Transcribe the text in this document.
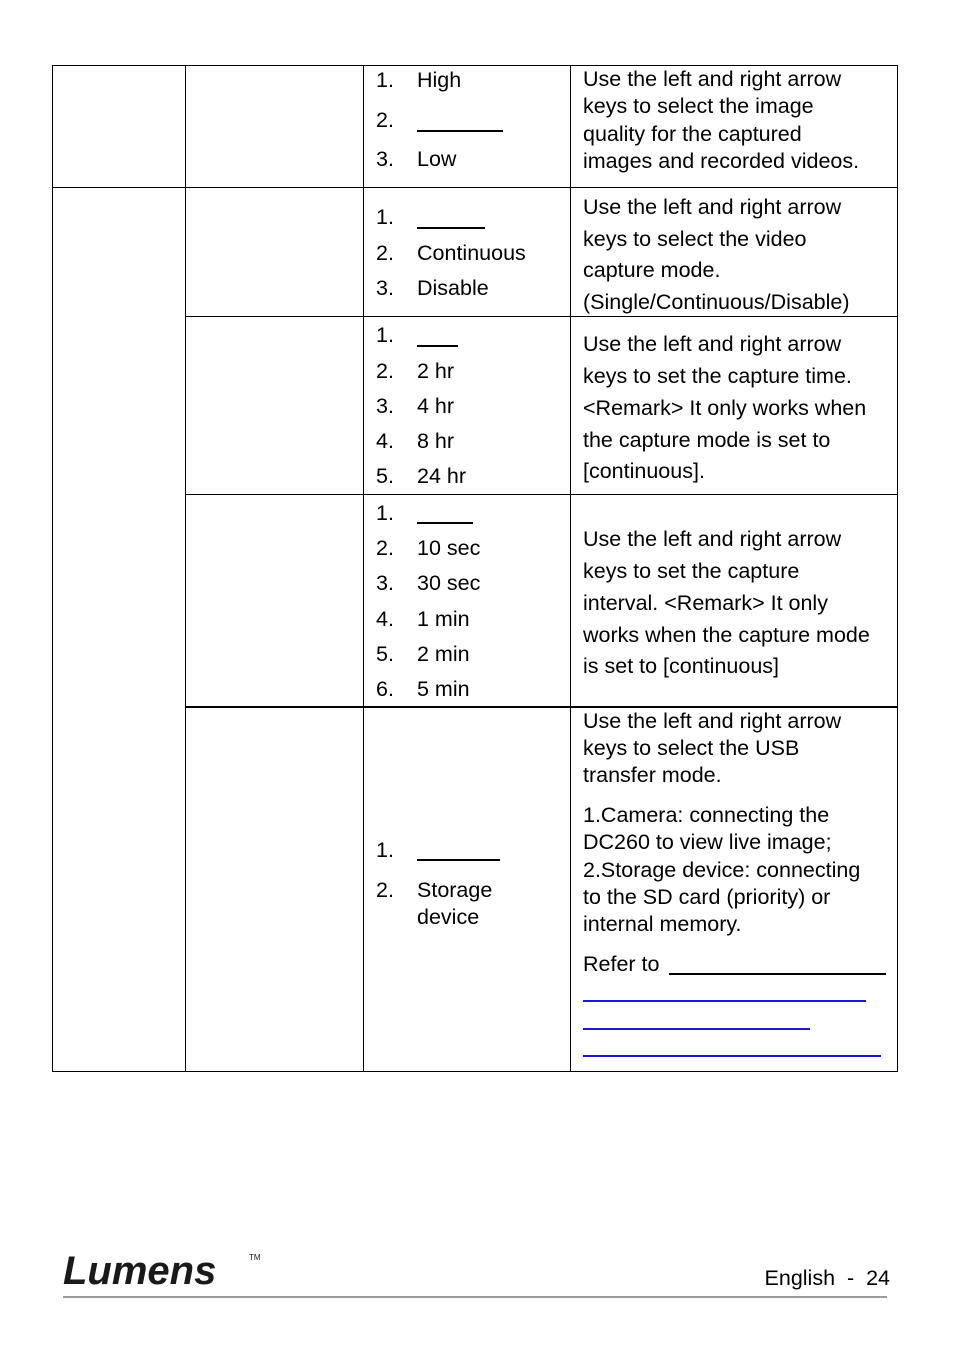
1. High
2.
3. Low
Use the left and right arrow
keys to select the image
quality for the captured
images and recorded videos.
1.
2. Continuous
3. Disable
Use the left and right arrow
keys to select the video
capture mode.
(Single/Continuous/Disable)
1.
2. 2 hr
3. 4 hr
4. 8 hr
5. 24 hr
Use the left and right arrow
keys to set the capture time.
<Remark> It only works when
the capture mode is set to
[continuous].
1.
2. 10 sec
3. 30 sec
4. 1 min
5. 2 min
6. 5 min
Use the left and right arrow
keys to set the capture
interval. <Remark> It only
works when the capture mode
is set to [continuous]
1.
2. Storage
device
Use the left and right arrow
keys to select the USB
transfer mode.
1.Camera: connecting the
DC260 to view live image;
2.Storage device: connecting
to the SD card (priority) or
internal memory.
Refer to
Lumens	TM
English  -  24
